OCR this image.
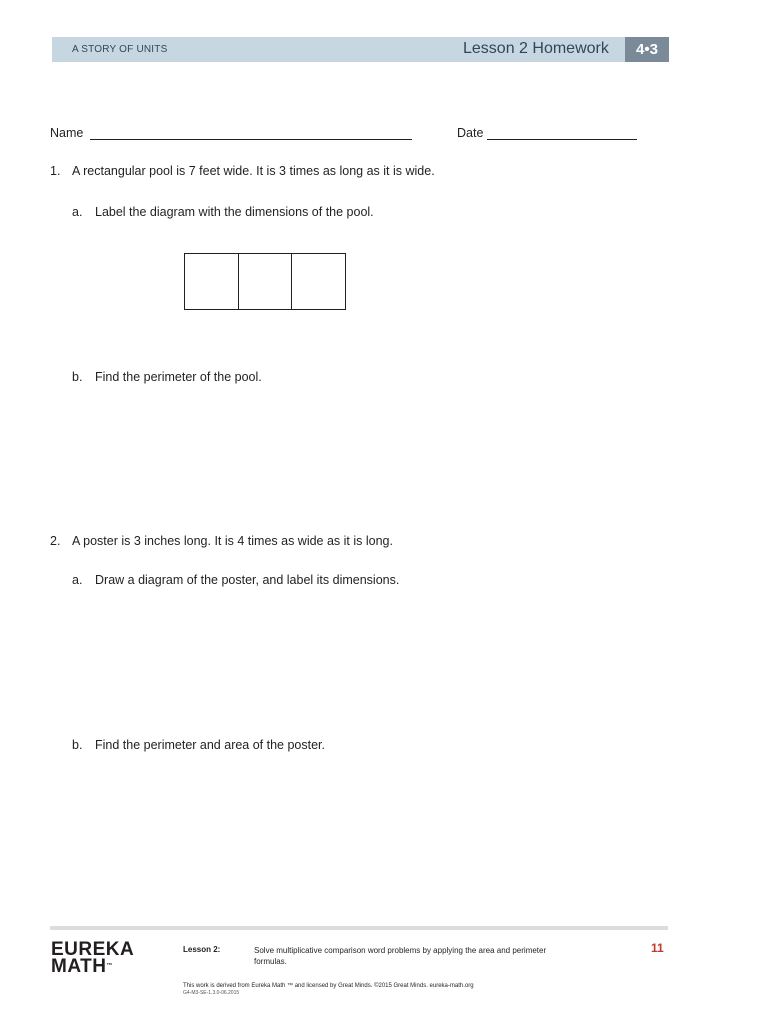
A STORY OF UNITS	Lesson 2 Homework	4•3
Name	Date
1. A rectangular pool is 7 feet wide. It is 3 times as long as it is wide.
a. Label the diagram with the dimensions of the pool.
b. Find the perimeter of the pool.
2. A poster is 3 inches long. It is 4 times as wide as it is long.
a. Draw a diagram of the poster, and label its dimensions.
b. Find the perimeter and area of the poster.
EUREKA
MATH™
Lesson 2:	Solve multiplicative comparison word problems by applying the area and perimeter formulas.
11
This work is derived from Eureka Math ™ and licensed by Great Minds. ©2015 Great Minds. eureka-math.org
G4-M3-SE-1.3.0-06.2015
